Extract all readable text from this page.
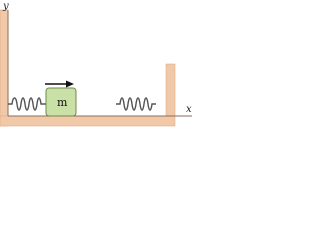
y
x
m
